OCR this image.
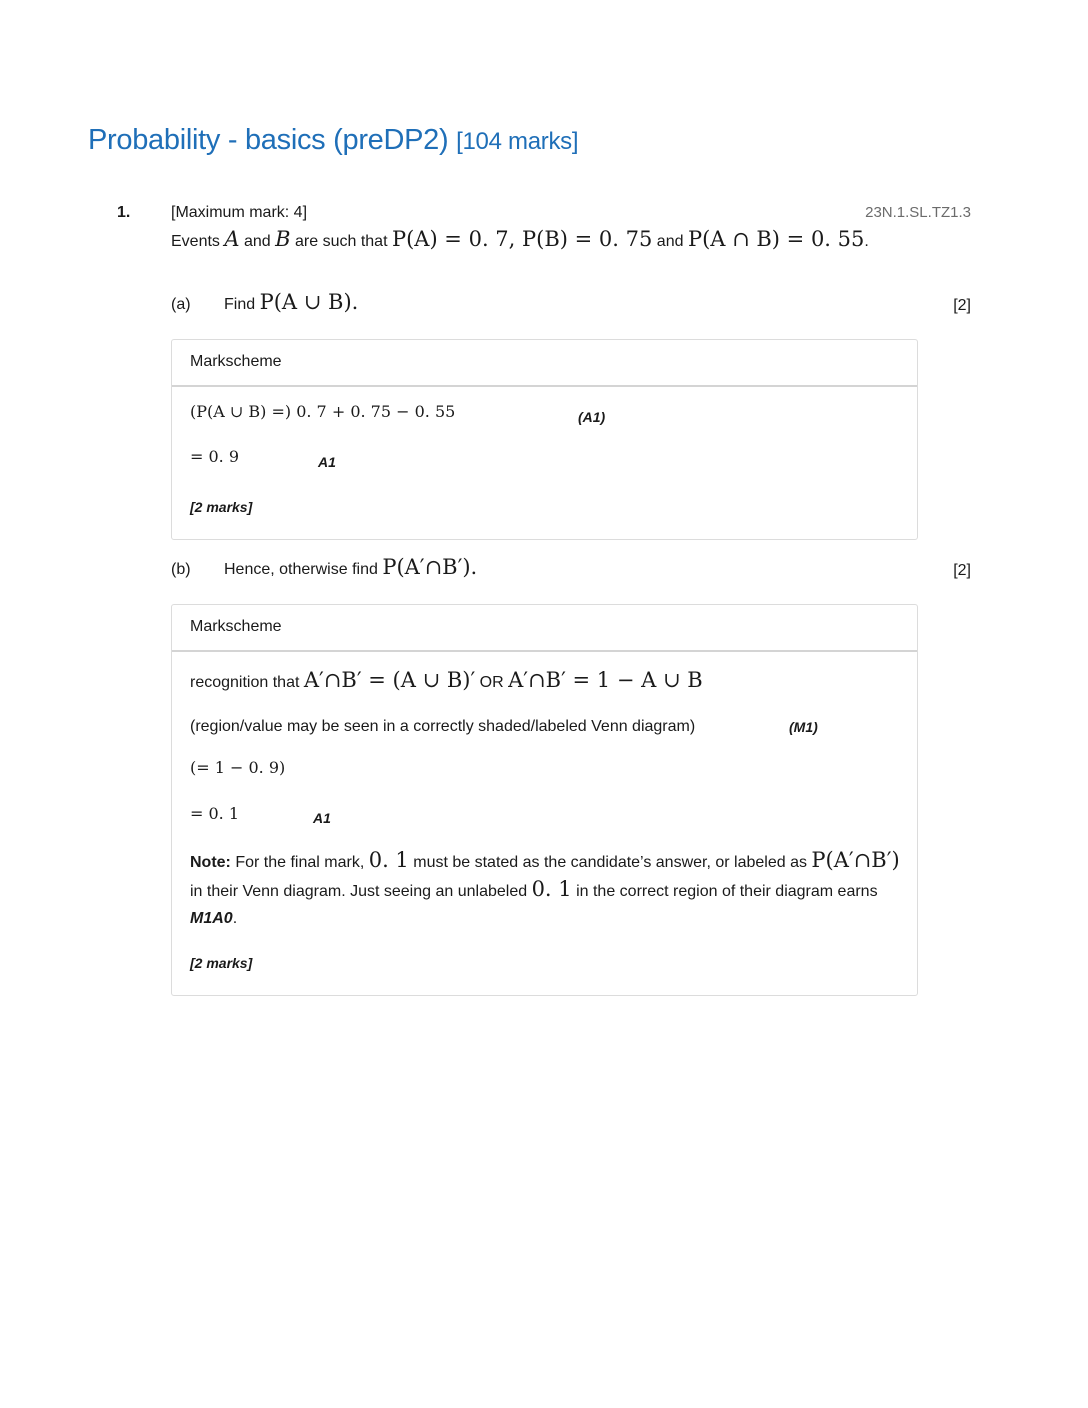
Probability - basics (preDP2) [104 marks]
1.	[Maximum mark: 4]	23N.1.SL.TZ1.3
Events A and B are such that P(A) = 0. 7, P(B) = 0. 75 and P(A ∩ B) = 0. 55.
(a) Find P(A ∪ B).	[2]
Markscheme
(P(A ∪ B) =) 0. 7 + 0. 75 − 0. 55	(A1)
= 0. 9	A1
[2 marks]
(b) Hence, otherwise find P(A′∩B′).	[2]
Markscheme
recognition that A′∩B′ = (A ∪ B)′ OR A′∩B′ = 1 − A ∪ B
(region/value may be seen in a correctly shaded/labeled Venn diagram)	(M1)
(= 1 − 0. 9)
= 0. 1	A1
Note: For the final mark, 0. 1 must be stated as the candidate’s answer, or labeled as P(A′∩B′) in their Venn diagram. Just seeing an unlabeled 0. 1 in the correct region of their diagram earns M1A0.
[2 marks]
